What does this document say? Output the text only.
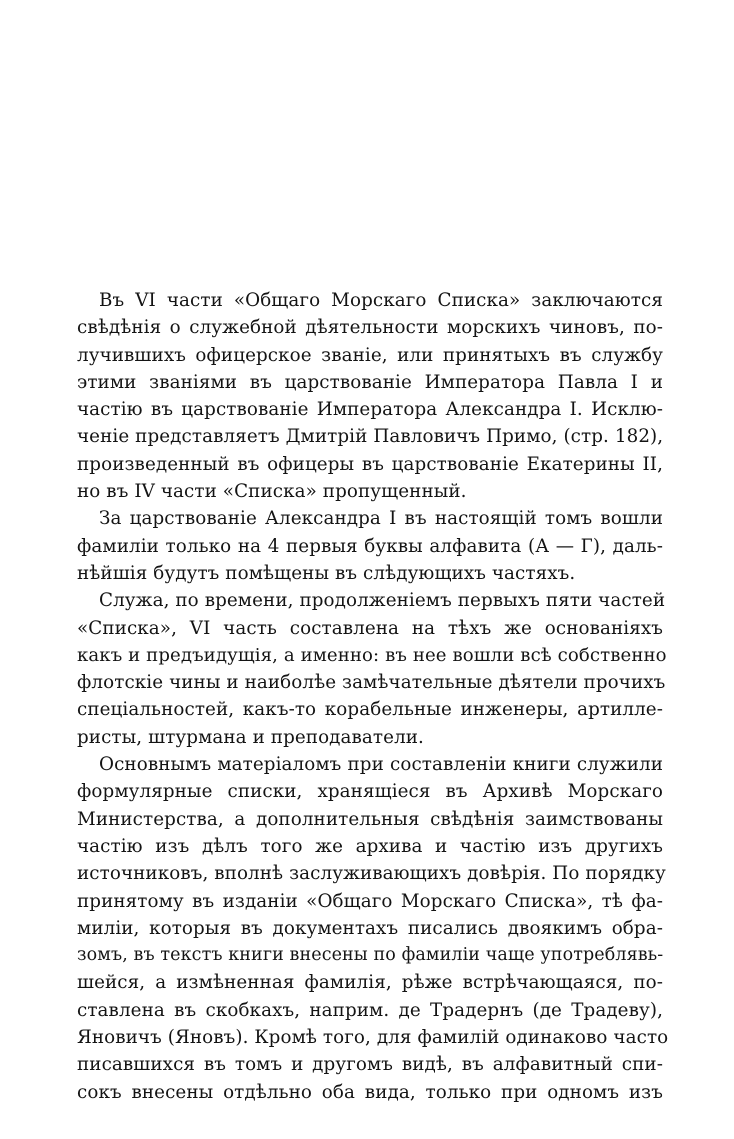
Въ VI части «Общаго Морскаго Списка» заключаются
свѣдѣнія о служебной дѣятельности морскихъ чиновъ, по-
лучившихъ офицерское званіе, или принятыхъ въ службу
этими званіями въ царствованіе Императора Павла I и
частію въ царствованіе Императора Александра I. Исклю-
ченіе представляетъ Дмитрій Павловичъ Примо, (стр. 182),
произведенный въ офицеры въ царствованіе Екатерины II,
но въ IV части «Списка» пропущенный.
За царствованіе Александра I въ настоящій томъ вошли
фамиліи только на 4 первыя буквы алфавита (А — Г), даль-
нѣйшія будутъ помѣщены въ слѣдующихъ частяхъ.
Служа, по времени, продолженіемъ первыхъ пяти частей
«Списка», VI часть составлена на тѣхъ же основаніяхъ
какъ и предъидущія, а именно: въ нее вошли всѣ собственно
флотскіе чины и наиболѣе замѣчательные дѣятели прочихъ
спеціальностей, какъ-то корабельные инженеры, артилле-
ристы, штурмана и преподаватели.
Основнымъ матеріаломъ при составленіи книги служили
формулярные списки, хранящіеся въ Архивѣ Морскаго
Министерства, а дополнительныя свѣдѣнія заимствованы
частію изъ дѣлъ того же архива и частію изъ другихъ
источниковъ, вполнѣ заслуживающихъ довѣрія. По порядку
принятому въ изданіи «Общаго Морскаго Списка», тѣ фа-
миліи, которыя въ документахъ писались двоякимъ обра-
зомъ, въ текстъ книги внесены по фамиліи чаще употреблявь-
шейся, а измѣненная фамилія, рѣже встрѣчающаяся, по-
ставлена въ скобкахъ, наприм. де Традернъ (де Традеву),
Яновичъ (Яновъ). Кромѣ того, для фамилій одинаково часто
писавшихся въ томъ и другомъ видѣ, въ алфавитный спи-
сокъ внесены отдѣльно оба вида, только при одномъ изъ
